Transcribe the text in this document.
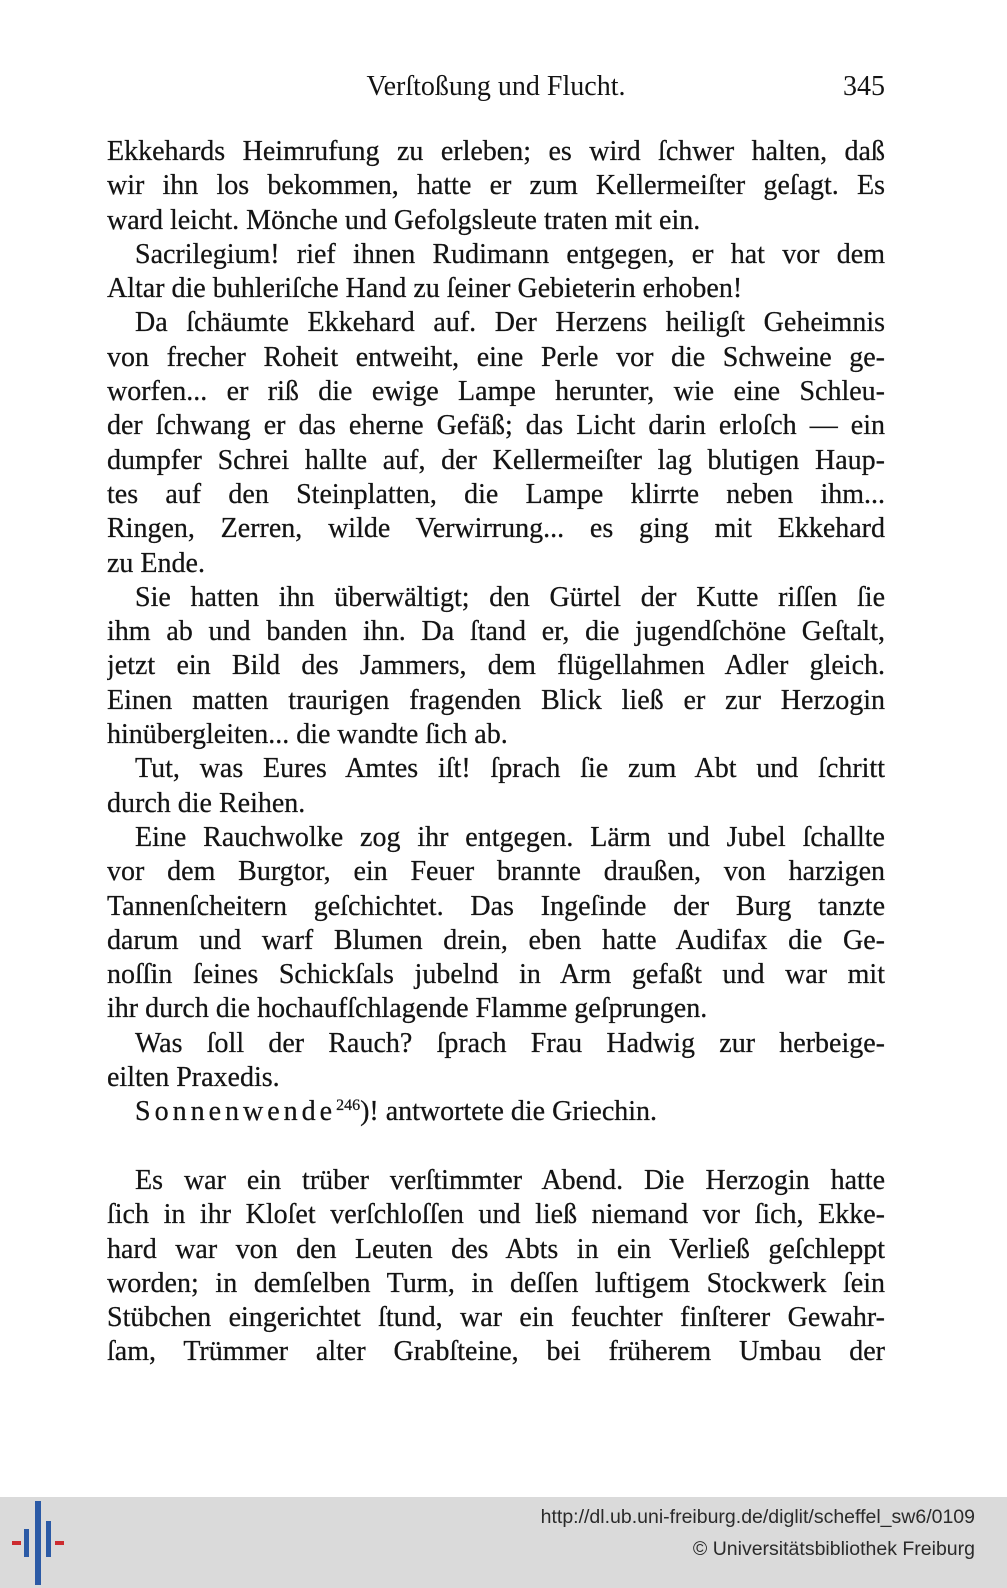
Verſtoßung und Flucht.	345
Ekkehards Heimrufung zu erleben; es wird ſchwer halten, daß
wir ihn los bekommen, hatte er zum Kellermeiſter geſagt. Es
ward leicht. Mönche und Gefolgsleute traten mit ein.
Sacrilegium! rief ihnen Rudimann entgegen, er hat vor dem
Altar die buhleriſche Hand zu ſeiner Gebieterin erhoben!
Da ſchäumte Ekkehard auf. Der Herzens heiligſt Geheimnis
von frecher Roheit entweiht, eine Perle vor die Schweine ge-
worfen... er riß die ewige Lampe herunter, wie eine Schleu-
der ſchwang er das eherne Gefäß; das Licht darin erloſch — ein
dumpfer Schrei hallte auf, der Kellermeiſter lag blutigen Haup-
tes auf den Steinplatten, die Lampe klirrte neben ihm...
Ringen, Zerren, wilde Verwirrung... es ging mit Ekkehard
zu Ende.
Sie hatten ihn überwältigt; den Gürtel der Kutte riſſen ſie
ihm ab und banden ihn. Da ſtand er, die jugendſchöne Geſtalt,
jetzt ein Bild des Jammers, dem flügellahmen Adler gleich.
Einen matten traurigen fragenden Blick ließ er zur Herzogin
hinübergleiten... die wandte ſich ab.
Tut, was Eures Amtes iſt! ſprach ſie zum Abt und ſchritt
durch die Reihen.
Eine Rauchwolke zog ihr entgegen. Lärm und Jubel ſchallte
vor dem Burgtor, ein Feuer brannte draußen, von harzigen
Tannenſcheitern geſchichtet. Das Ingeſinde der Burg tanzte
darum und warf Blumen drein, eben hatte Audifax die Ge-
noſſin ſeines Schickſals jubelnd in Arm gefaßt und war mit
ihr durch die hochaufſchlagende Flamme geſprungen.
Was ſoll der Rauch? ſprach Frau Hadwig zur herbeige-
eilten Praxedis.
Sonnenwende$^{246}$)! antwortete die Griechin.
Es war ein trüber verſtimmter Abend. Die Herzogin hatte
ſich in ihr Kloſet verſchloſſen und ließ niemand vor ſich, Ekke-
hard war von den Leuten des Abts in ein Verließ geſchleppt
worden; in demſelben Turm, in deſſen luftigem Stockwerk ſein
Stübchen eingerichtet ſtund, war ein feuchter finſterer Gewahr-
ſam, Trümmer alter Grabſteine, bei früherem Umbau der
http://dl.ub.uni-freiburg.de/diglit/scheffel_sw6/0109
© Universitätsbibliothek Freiburg
